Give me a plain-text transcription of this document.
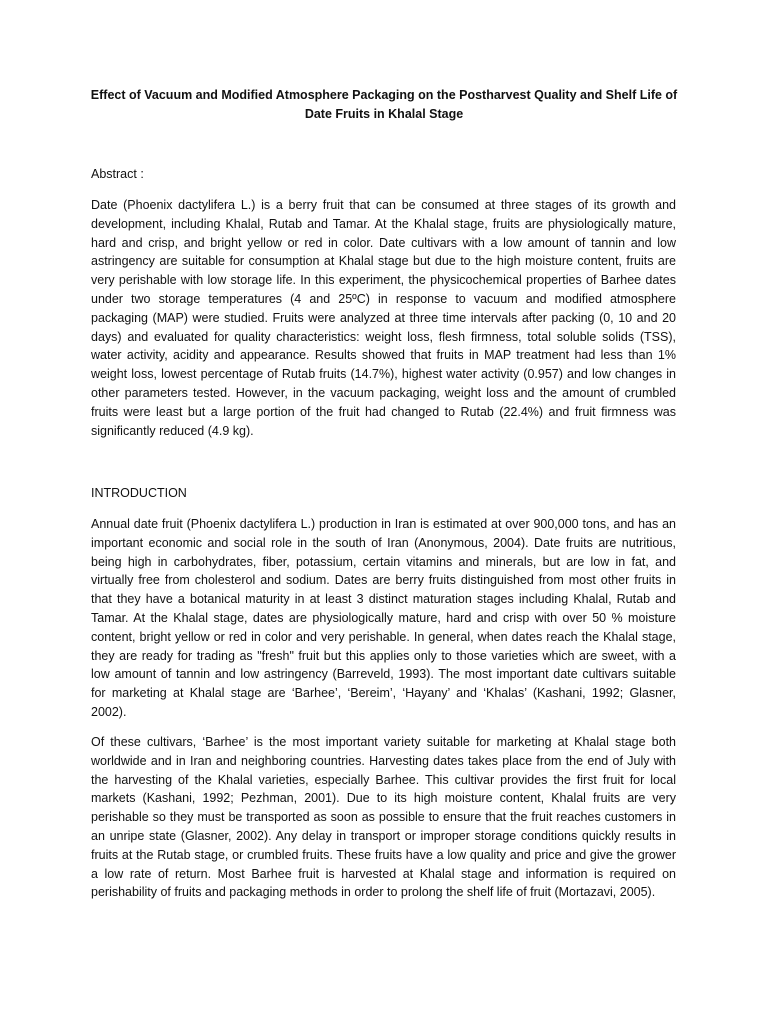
Effect of Vacuum and Modified Atmosphere Packaging on the Postharvest Quality and Shelf Life of Date Fruits in Khalal Stage
Abstract :
Date (Phoenix dactylifera L.) is a berry fruit that can be consumed at three stages of its growth and development, including Khalal, Rutab and Tamar. At the Khalal stage, fruits are physiologically mature, hard and crisp, and bright yellow or red in color. Date cultivars with a low amount of tannin and low astringency are suitable for consumption at Khalal stage but due to the high moisture content, fruits are very perishable with low storage life. In this experiment, the physicochemical properties of Barhee dates under two storage temperatures (4 and 25ºC) in response to vacuum and modified atmosphere packaging (MAP) were studied. Fruits were analyzed at three time intervals after packing (0, 10 and 20 days) and evaluated for quality characteristics: weight loss, flesh firmness, total soluble solids (TSS), water activity, acidity and appearance. Results showed that fruits in MAP treatment had less than 1% weight loss, lowest percentage of Rutab fruits (14.7%), highest water activity (0.957) and low changes in other parameters tested. However, in the vacuum packaging, weight loss and the amount of crumbled fruits were least but a large portion of the fruit had changed to Rutab (22.4%) and fruit firmness was significantly reduced (4.9 kg).
INTRODUCTION
Annual date fruit (Phoenix dactylifera L.) production in Iran is estimated at over 900,000 tons, and has an important economic and social role in the south of Iran (Anonymous, 2004). Date fruits are nutritious, being high in carbohydrates, fiber, potassium, certain vitamins and minerals, but are low in fat, and virtually free from cholesterol and sodium. Dates are berry fruits distinguished from most other fruits in that they have a botanical maturity in at least 3 distinct maturation stages including Khalal, Rutab and Tamar. At the Khalal stage, dates are physiologically mature, hard and crisp with over 50 % moisture content, bright yellow or red in color and very perishable. In general, when dates reach the Khalal stage, they are ready for trading as "fresh" fruit but this applies only to those varieties which are sweet, with a low amount of tannin and low astringency (Barreveld, 1993). The most important date cultivars suitable for marketing at Khalal stage are ‘Barhee’, ‘Bereim’, ‘Hayany’ and ‘Khalas’ (Kashani, 1992; Glasner, 2002).
Of these cultivars, ‘Barhee’ is the most important variety suitable for marketing at Khalal stage both worldwide and in Iran and neighboring countries. Harvesting dates takes place from the end of July with the harvesting of the Khalal varieties, especially Barhee. This cultivar provides the first fruit for local markets (Kashani, 1992; Pezhman, 2001). Due to its high moisture content, Khalal fruits are very perishable so they must be transported as soon as possible to ensure that the fruit reaches customers in an unripe state (Glasner, 2002). Any delay in transport or improper storage conditions quickly results in fruits at the Rutab stage, or crumbled fruits. These fruits have a low quality and price and give the grower a low rate of return. Most Barhee fruit is harvested at Khalal stage and information is required on perishability of fruits and packaging methods in order to prolong the shelf life of fruit (Mortazavi, 2005).
